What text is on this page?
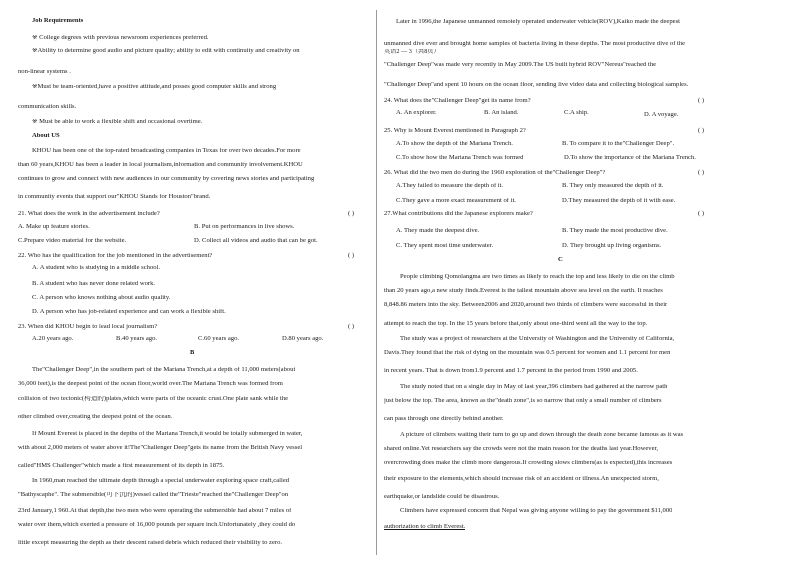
Job Requirements
※ College degrees with previous newsroom experiences preferred.
※Ability to determine good audio and picture quality; ability to edit with continuity and creativity on
non-linear systems .
※Must be team-oriented,have a positive attitude,and posses good computer skills and strong
communication skills.
※ Must be able to work a flexible shift and occasional overtime.
About US
KHOU has been one of the top-rated broadcasting companies in Texas for over two decades.For more
than 60 years,KHOU has been a leader in local journalism,information and community involvement.KHOU
continues to grow and connect with new audiences in our community by covering news stories and participating
in community events that support our"KHOU Stands for Houston"brand.
21. What does the work in the advertisement include?	( )
A. Make up feature stories.	B. Put on performances in live shows.
C.Prepare video material for the website.	D. Collect all videos and audio that can be got.
22. Who has the qualification for the job mentioned in the advertisement?	( )
A. A student who is studying in a middle school.
B. A student who has never done related work.
C. A person who knows nothing about audio quality.
D. A person who has job-related experience and can work a flexible shift.
23. When did KHOU begin to lead local journalism?	( )
A.20 years ago.	B.40 years ago.	C.60 years ago.	D.80 years ago.
B
The"Challenger Deep",in the southern part of the Mariana Trench,at a depth of 11,000 meters(about
36,000 feet),is the deepest point of the ocean floor,world over.The Mariana Trench was formed from
collision of two tectonic(构造的)plates,which were parts of the oceanic crust.One plate sank while the
other climbed over,creating the deepest point of the ocean.
If Mount Everest is placed in the depths of the Mariana Trench,it would be totally submerged in water,
with about 2,000 meters of water above it!The"Challenger Deep"gets its name from the British Navy vessel
called"HMS Challenger"which made a first measurement of its depth in 1875.
In 1960,man reached the ultimate depth through a special underwater exploring space craft,called
"Bathyscaphe". The submersible(可下沉的)vessel called the"Trieste"reached the"Challenger Deep"on
23rd January,1 960.At that depth,the two men who were operating the submersible had about 7 miles of
water over them,which exerted a pressure of 16,000 pounds per square inch.Unfortunately ,they could do
little except measuring the depth as their descent raised debris which reduced their visibility to zero.
Later in 1996,the Japanese unmanned remotely operated underwater vehicle(ROV),Kaiko made the deepest
unmanned dive ever and brought home samples of bacteria living in these depths. The most productive dive of the
英语2 — 3（共8页）
"Challenger Deep"was made very recently in May 2009.The US built hybrid ROV"Nereus"reached the
"Challenger Deep"and spent 10 hours on the ocean floor, sending live video data and collecting biological samples.
24. What does the"Challenger Deep"get its name from?	( )
A. An explorer.	B. An island.	C.A ship.	D. A voyage.
25. Why is Mount Everest mentioned in Paragraph 2?	( )
A.To show the depth of the Mariana Trench.	B. To compare it to the"Challenger Deep".
C.To show how the Mariana Trench was formed	D.To show the importance of the Mariana Trench.
26. What did the two men do during the 1960 exploration of the"Challenger Deep"?	( )
A.They failed to measure the depth of it.	B. They only measured the depth of it.
C.They gave a more exact measurement of it.	D.They measured the depth of it with ease.
27.What contributions did the Japanese explorers make?	( )
A. They made the deepest dive.	B. They made the most productive dive.
C. They spent most time underwater.	D. They brought up living organisms.
C
People climbing Qomolangma are two times as likely to reach the top and less likely to die on the climb
than 20 years ago,a new study finds.Everest is the tallest mountain above sea level on the earth. It reaches
8,848.86 meters into the sky. Between2006 and 2020,around two thirds of climbers were successful in their
attempt to reach the top. In the 15 years before that,only about one-third went all the way to the top.
The study was a project of researchers at the University of Washington and the University of California,
Davis.They found that the risk of dying on the mountain was 0.5 percent for women and 1.1 percent for men
in recent years. That is down from1.9 percent and 1.7 percent in the period from 1990 and 2005.
The study noted that on a single day in May of last year,396 climbers had gathered at the narrow path
just below the top. The area, known as the"death zone",is so narrow that only a small number of climbers
can pass through one directly behind another.
A picture of climbers waiting their turn to go up and down through the death zone became famous as it was
shared online.Yet researchers say the crowds were not the main reason for the deaths last year.However,
overcrowding does make the climb more dangerous.If crowding slows climbers(as is expected),this increases
their exposure to the elements,which should increase risk of an accident or illness.An unexpected storm,
earthquake,or landslide could be disastrous.
Climbers have expressed concern that Nepal was giving anyone willing to pay the government $11,000
authorization to climb Everest.
